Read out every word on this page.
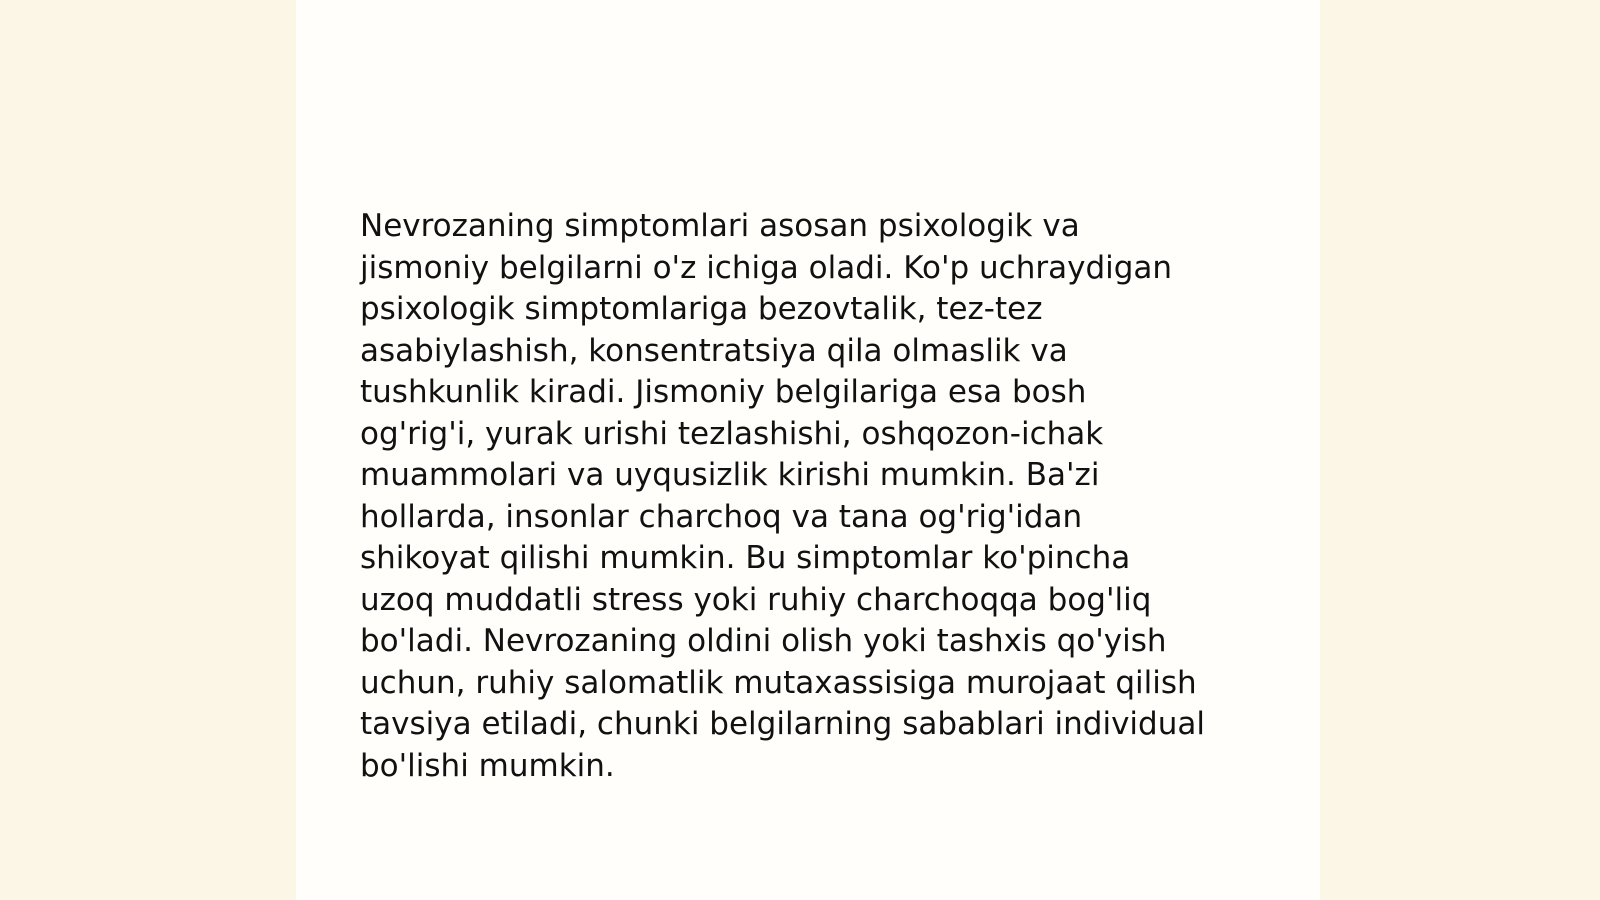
Nevrozaning simptomlari asosan psixologik va
jismoniy belgilarni o'z ichiga oladi. Ko'p uchraydigan
psixologik simptomlariga bezovtalik, tez-tez
asabiylashish, konsentratsiya qila olmaslik va
tushkunlik kiradi. Jismoniy belgilariga esa bosh
og'rig'i, yurak urishi tezlashishi, oshqozon-ichak
muammolari va uyqusizlik kirishi mumkin. Ba'zi
hollarda, insonlar charchoq va tana og'rig'idan
shikoyat qilishi mumkin. Bu simptomlar ko'pincha
uzoq muddatli stress yoki ruhiy charchoqqa bog'liq
bo'ladi. Nevrozaning oldini olish yoki tashxis qo'yish
uchun, ruhiy salomatlik mutaxassisiga murojaat qilish
tavsiya etiladi, chunki belgilarning sabablari individual
bo'lishi mumkin.
